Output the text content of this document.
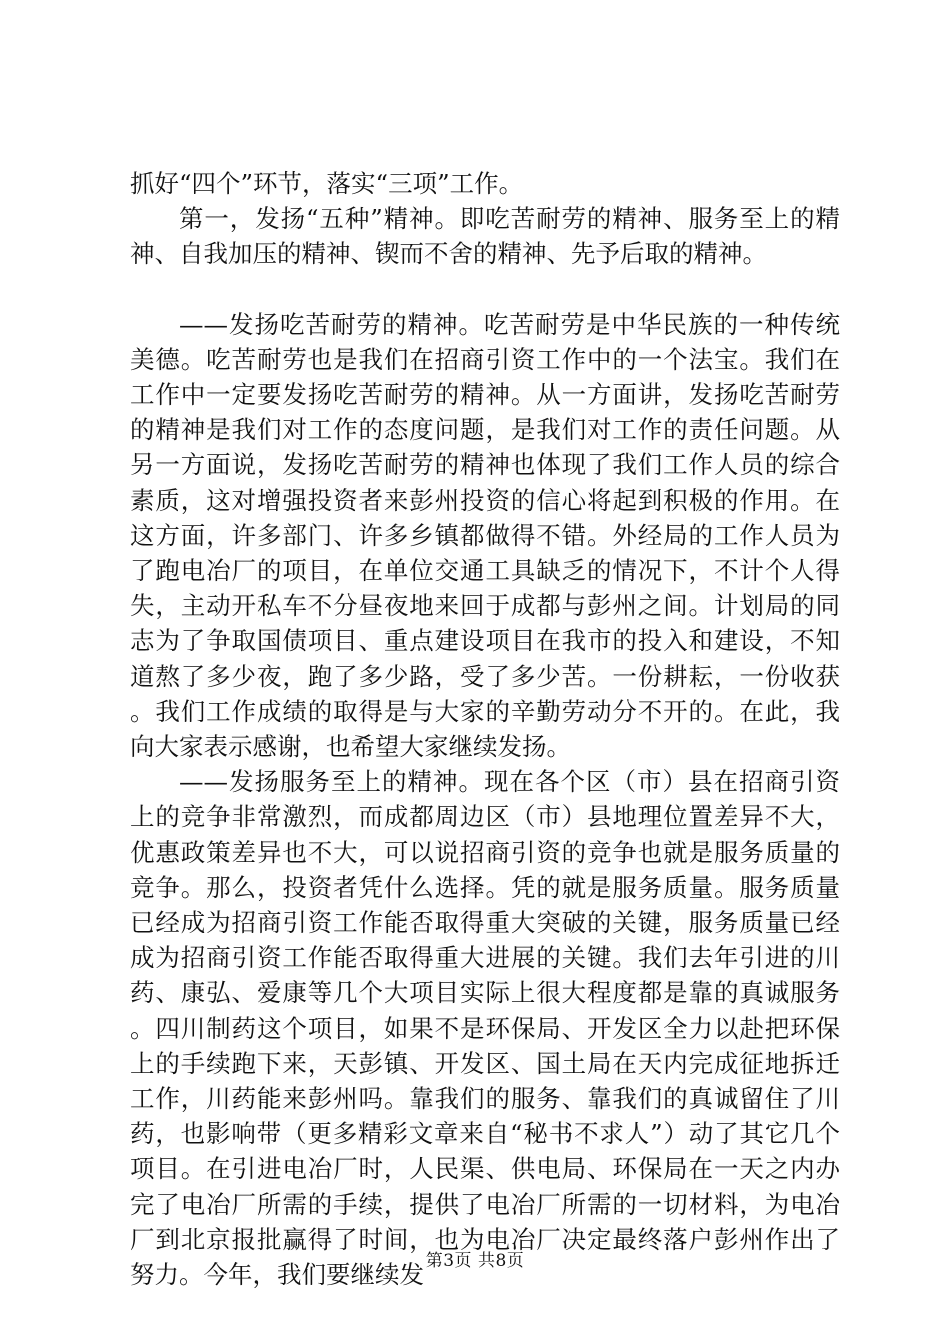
抓好“四个”环节，落实“三项”工作。

第一，发扬“五种”精神。即吃苦耐劳的精神、服务至上的精神、自我加压的精神、锲而不舍的精神、先予后取的精神。

——发扬吃苦耐劳的精神。吃苦耐劳是中华民族的一种传统美德。吃苦耐劳也是我们在招商引资工作中的一个法宝。我们在工作中一定要发扬吃苦耐劳的精神。从一方面讲，发扬吃苦耐劳的精神是我们对工作的态度问题，是我们对工作的责任问题。从另一方面说，发扬吃苦耐劳的精神也体现了我们工作人员的综合素质，这对增强投资者来彭州投资的信心将起到积极的作用。在这方面，许多部门、许多乡镇都做得不错。外经局的工作人员为了跑电冶厂的项目，在单位交通工具缺乏的情况下，不计个人得失，主动开私车不分昼夜地来回于成都与彭州之间。计划局的同志为了争取国债项目、重点建设项目在我市的投入和建设，不知道熬了多少夜，跑了多少路，受了多少苦。一份耕耘，一份收获。我们工作成绩的取得是与大家的辛勤劳动分不开的。在此，我向大家表示感谢，也希望大家继续发扬。

——发扬服务至上的精神。现在各个区（市）县在招商引资上的竞争非常激烈，而成都周边区（市）县地理位置差异不大，优惠政策差异也不大，可以说招商引资的竞争也就是服务质量的竞争。那么，投资者凭什么选择。凭的就是服务质量。服务质量已经成为招商引资工作能否取得重大突破的关键，服务质量已经成为招商引资工作能否取得重大进展的关键。我们去年引进的川药、康弘、爱康等几个大项目实际上很大程度都是靠的真诚服务。四川制药这个项目，如果不是环保局、开发区全力以赴把环保上的手续跑下来，天彭镇、开发区、国土局在天内完成征地拆迁工作，川药能来彭州吗。靠我们的服务、靠我们的真诚留住了川药，也影响带（更多精彩文章来自“秘书不求人”）动了其它几个项目。在引进电冶厂时，人民渠、供电局、环保局在一天之内办完了电冶厂所需的手续，提供了电冶厂所需的一切材料，为电冶厂到北京报批赢得了时间，也为电冶厂决定最终落户彭州作出了努力。今年，我们要继续发 第3页 共8页
